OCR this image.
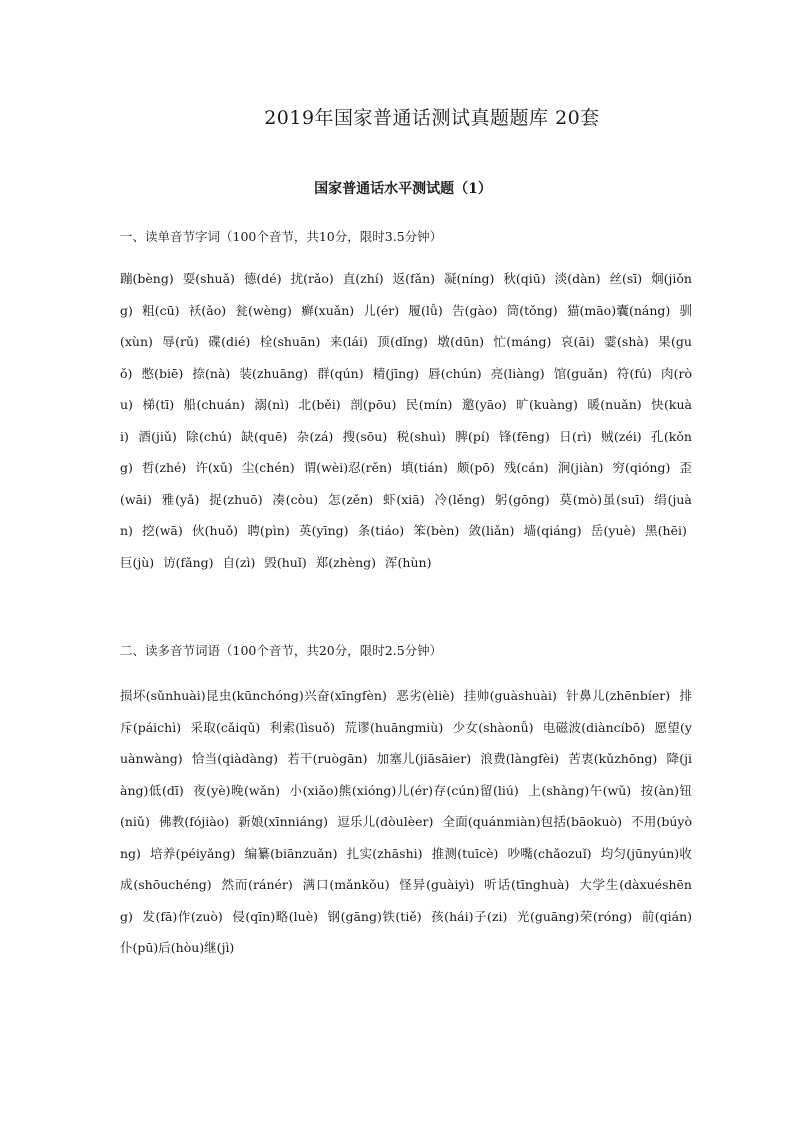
2019年国家普通话测试真题题库 20套
国家普通话水平测试题（1）
一、读单音节字词（100个音节，共10分，限时3.5分钟）
蹦(bèng) 耍(shuǎ) 德(dé) 扰(rǎo) 直(zhí) 返(fǎn) 凝(níng) 秋(qiū) 淡(dàn) 丝(sī) 炯(jiǒng) 粗(cū) 袄(ǎo) 瓮(wèng) 癣(xuǎn) 儿(ér) 履(lǚ) 告(gào) 筒(tǒng) 猫(māo)囊(náng) 驯(xùn) 辱(rǔ) 碟(dié) 栓(shuān) 来(lái) 顶(dǐng) 墩(dūn) 忙(máng) 哀(āi) 霎(shà) 果(guǒ) 憋(biē) 捺(nà) 装(zhuāng) 群(qún) 精(jīng) 唇(chún) 亮(liàng) 馆(guǎn) 符(fú) 肉(ròu) 梯(tī) 船(chuán) 溺(nì) 北(běi) 剖(pōu) 民(mín) 邀(yāo) 旷(kuàng) 暖(nuǎn) 快(kuài) 酒(jiǔ) 除(chú) 缺(quē) 杂(zá) 搜(sōu) 税(shuì) 脾(pí) 锋(fēng) 日(rì) 贼(zéi) 孔(kǒng) 哲(zhé) 许(xǔ) 尘(chén) 谓(wèi)忍(rěn) 填(tián) 颇(pō) 残(cán) 涧(jiàn) 穷(qióng) 歪(wāi) 雅(yǎ) 捉(zhuō) 凑(còu) 怎(zěn) 虾(xiā) 冷(lěng) 躬(gōng) 莫(mò)虽(suī) 绢(juàn) 挖(wā) 伙(huǒ) 聘(pìn) 英(yīng) 条(tiáo) 笨(bèn) 敛(liǎn) 墙(qiáng) 岳(yuè) 黑(hēi) 巨(jù) 访(fǎng) 自(zì) 毁(huǐ) 郑(zhèng) 浑(hùn)
二、读多音节词语（100个音节，共20分，限时2.5分钟）
损坏(sǔnhuài)昆虫(kūnchóng)兴奋(xīngfèn) 恶劣(èliè) 挂帅(guàshuài) 针鼻儿(zhēnbíer) 排斥(páichì) 采取(cǎiqǔ) 利索(lìsuǒ) 荒谬(huāngmiù) 少女(shàonǚ) 电磁波(diàncíbō) 愿望(yuànwàng) 恰当(qiàdàng) 若干(ruògān) 加塞儿(jiāsāier) 浪费(làngfèi) 苦衷(kǔzhōng) 降(jiàng)低(dī) 夜(yè)晚(wǎn) 小(xiǎo)熊(xióng)儿(ér)存(cún)留(liú) 上(shàng)午(wǔ) 按(àn)钮(niǔ) 佛教(fójiào) 新娘(xīnniáng) 逗乐儿(dòulèer) 全面(quánmiàn)包括(bāokuò) 不用(búyòng) 培养(péiyǎng) 编纂(biānzuǎn) 扎实(zhāshi) 推测(tuīcè) 吵嘴(chǎozuǐ) 均匀(jūnyún)收成(shōuchéng) 然而(ránér) 满口(mǎnkǒu) 怪异(guàiyì) 听话(tīnghuà) 大学生(dàxuéshēng) 发(fā)作(zuò) 侵(qīn)略(luè) 钢(gāng)铁(tiě) 孩(hái)子(zi) 光(guāng)荣(róng) 前(qián)仆(pū)后(hòu)继(jì)
